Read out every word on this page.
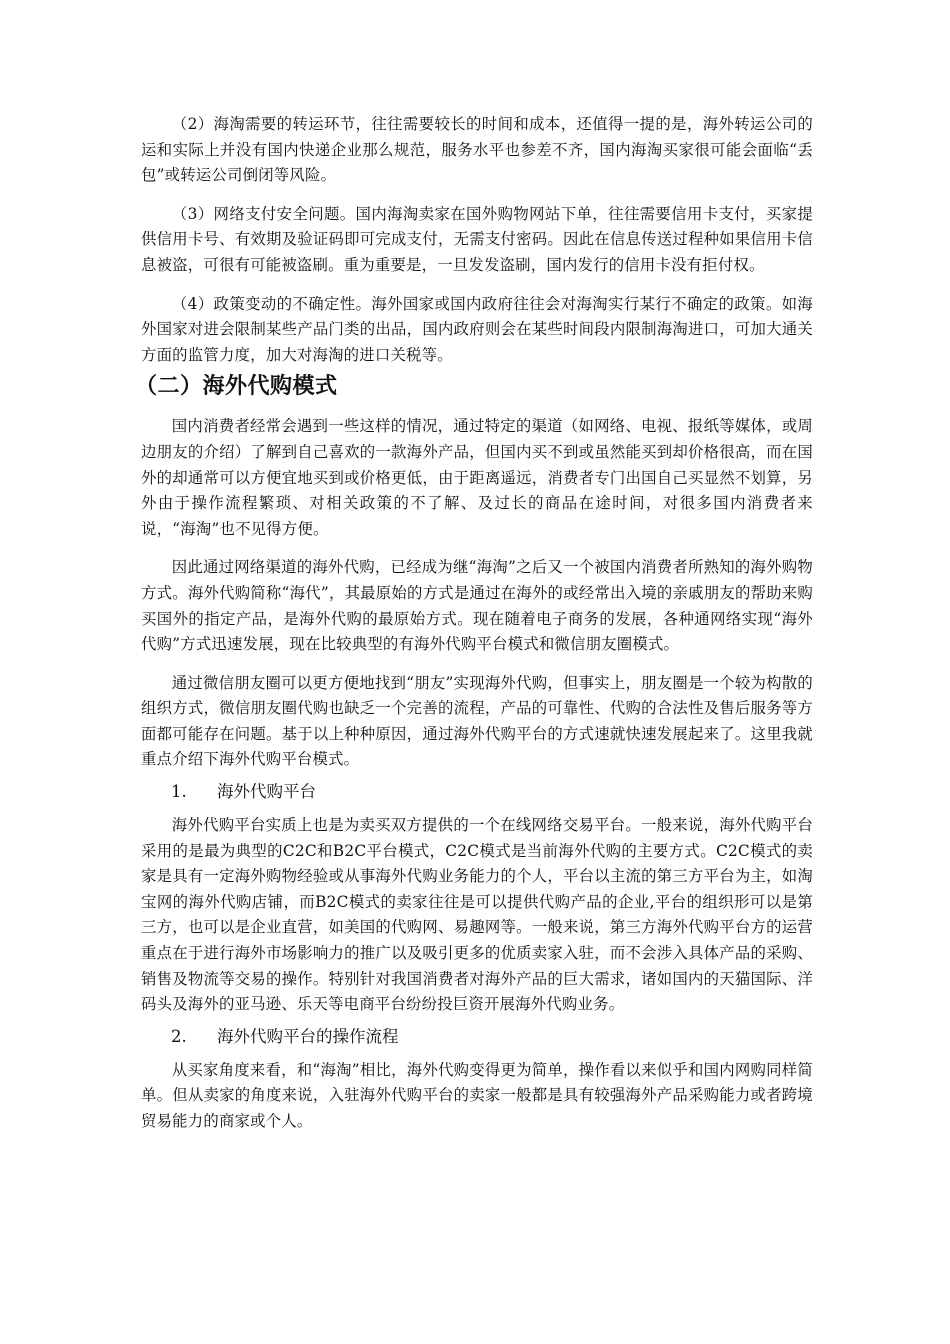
（2）海淘需要的转运环节，往往需要较长的时间和成本，还值得一提的是，海外转运公司的运和实际上并没有国内快递企业那么规范，服务水平也参差不齐，国内海淘买家很可能会面临“丢包”或转运公司倒闭等风险。

（3）网络支付安全问题。国内海淘卖家在国外购物网站下单，往往需要信用卡支付，买家提供信用卡号、有效期及验证码即可完成支付，无需支付密码。因此在信息传送过程种如果信用卡信息被盗，可很有可能被盗刷。重为重要是，一旦发发盗刷，国内发行的信用卡没有拒付权。

（4）政策变动的不确定性。海外国家或国内政府往往会对海淘实行某行不确定的政策。如海外国家对进会限制某些产品门类的出品，国内政府则会在某些时间段内限制海淘进口，可加大通关方面的监管力度，加大对海淘的进口关税等。

（二）海外代购模式

国内消费者经常会遇到一些这样的情况，通过特定的渠道（如网络、电视、报纸等媒体，或周边朋友的介绍）了解到自己喜欢的一款海外产品，但国内买不到或虽然能买到却价格很高，而在国外的却通常可以方便宜地买到或价格更低，由于距离遥远，消费者专门出国自己买显然不划算，另外由于操作流程繁琐、对相关政策的不了解、及过长的商品在途时间，对很多国内消费者来说，“海淘”也不见得方便。

因此通过网络渠道的海外代购，已经成为继“海淘”之后又一个被国内消费者所熟知的海外购物方式。海外代购简称“海代”，其最原始的方式是通过在海外的或经常出入境的亲戚朋友的帮助来购买国外的指定产品，是海外代购的最原始方式。现在随着电子商务的发展，各种通网络实现“海外代购”方式迅速发展，现在比较典型的有海外代购平台模式和微信朋友圈模式。

通过微信朋友圈可以更方便地找到“朋友”实现海外代购，但事实上，朋友圈是一个较为构散的组织方式，微信朋友圈代购也缺乏一个完善的流程，产品的可靠性、代购的合法性及售后服务等方面都可能存在问题。基于以上种种原因，通过海外代购平台的方式速就快速发展起来了。这里我就重点介绍下海外代购平台模式。

1.	海外代购平台

海外代购平台实质上也是为卖买双方提供的一个在线网络交易平台。一般来说，海外代购平台采用的是最为典型的C2C和B2C平台模式，C2C模式是当前海外代购的主要方式。C2C模式的卖家是具有一定海外购物经验或从事海外代购业务能力的个人，平台以主流的第三方平台为主，如淘宝网的海外代购店铺，而B2C模式的卖家往往是可以提供代购产品的企业,平台的组织形可以是第三方，也可以是企业直营，如美国的代购网、易趣网等。一般来说，第三方海外代购平台方的运营重点在于进行海外市场影响力的推广以及吸引更多的优质卖家入驻，而不会涉入具体产品的采购、销售及物流等交易的操作。特别针对我国消费者对海外产品的巨大需求，诸如国内的天猫国际、洋码头及海外的亚马逊、乐天等电商平台纷纷投巨资开展海外代购业务。

2.	海外代购平台的操作流程

从买家角度来看，和“海淘”相比，海外代购变得更为简单，操作看以来似乎和国内网购同样简单。但从卖家的角度来说，入驻海外代购平台的卖家一般都是具有较强海外产品采购能力或者跨境贸易能力的商家或个人。
